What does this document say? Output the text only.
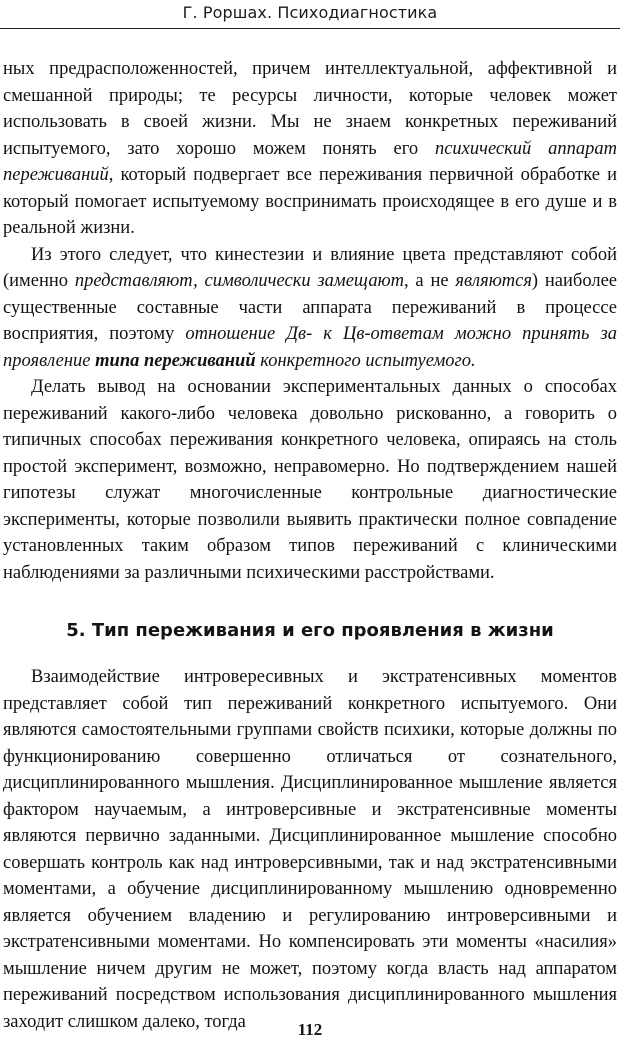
Г. Роршах. Психодиагностика

ных предрасположенностей, причем интеллектуальной, аффективной и смешанной природы; те ресурсы личности, которые человек может использовать в своей жизни. Мы не знаем конкретных переживаний испытуемого, зато хорошо можем понять его психический аппарат переживаний, который подвергает все переживания первичной обработке и который помогает испытуемому воспринимать происходящее в его душе и в реальной жизни.

Из этого следует, что кинестезии и влияние цвета представляют собой (именно представляют, символически замещают, а не являются) наиболее существенные составные части аппарата переживаний в процессе восприятия, поэтому отношение Дв- к Цв-ответам можно принять за проявление типа переживаний конкретного испытуемого.

Делать вывод на основании экспериментальных данных о способах переживаний какого-либо человека довольно рискованно, а говорить о типичных способах переживания конкретного человека, опираясь на столь простой эксперимент, возможно, неправомерно. Но подтверждением нашей гипотезы служат многочисленные контрольные диагностические эксперименты, которые позволили выявить практически полное совпадение установленных таким образом типов переживаний с клиническими наблюдениями за различными психическими расстройствами.

5. Тип переживания и его проявления в жизни

Взаимодействие интровересивных и экстратенсивных моментов представляет собой тип переживаний конкретного испытуемого. Они являются самостоятельными группами свойств психики, которые должны по функционированию совершенно отличаться от сознательного, дисциплинированного мышления. Дисциплинированное мышление является фактором научаемым, а интроверсивные и экстратенсивные моменты являются первично заданными. Дисциплинированное мышление способно совершать контроль как над интроверсивными, так и над экстратенсивными моментами, а обучение дисциплинированному мышлению одновременно является обучением владению и регулированию интроверсивными и экстратенсивными моментами. Но компенсировать эти моменты «насилия» мышление ничем другим не может, поэтому когда власть над аппаратом переживаний посредством использования дисциплинированного мышления заходит слишком далеко, тогда	112
